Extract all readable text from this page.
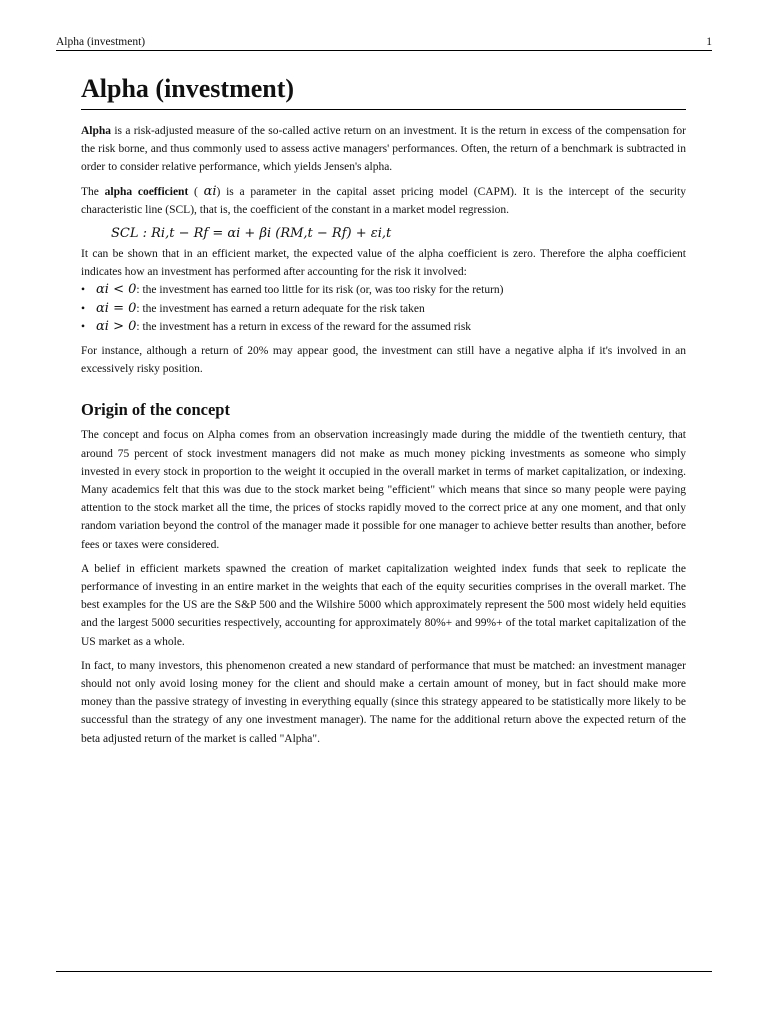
Alpha (investment)	1
Alpha (investment)

Alpha is a risk-adjusted measure of the so-called active return on an investment. It is the return in excess of the compensation for the risk borne, and thus commonly used to assess active managers' performances. Often, the return of a benchmark is subtracted in order to consider relative performance, which yields Jensen's alpha.

The alpha coefficient ( αi) is a parameter in the capital asset pricing model (CAPM). It is the intercept of the security characteristic line (SCL), that is, the coefficient of the constant in a market model regression.

SCL : Ri,t − Rf = αi + βi (RM,t − Rf) + εi,t

It can be shown that in an efficient market, the expected value of the alpha coefficient is zero. Therefore the alpha coefficient indicates how an investment has performed after accounting for the risk it involved:

• αi < 0: the investment has earned too little for its risk (or, was too risky for the return)
• αi = 0: the investment has earned a return adequate for the risk taken
• αi > 0: the investment has a return in excess of the reward for the assumed risk

For instance, although a return of 20% may appear good, the investment can still have a negative alpha if it's involved in an excessively risky position.

Origin of the concept

The concept and focus on Alpha comes from an observation increasingly made during the middle of the twentieth century, that around 75 percent of stock investment managers did not make as much money picking investments as someone who simply invested in every stock in proportion to the weight it occupied in the overall market in terms of market capitalization, or indexing. Many academics felt that this was due to the stock market being "efficient" which means that since so many people were paying attention to the stock market all the time, the prices of stocks rapidly moved to the correct price at any one moment, and that only random variation beyond the control of the manager made it possible for one manager to achieve better results than another, before fees or taxes were considered.

A belief in efficient markets spawned the creation of market capitalization weighted index funds that seek to replicate the performance of investing in an entire market in the weights that each of the equity securities comprises in the overall market. The best examples for the US are the S&P 500 and the Wilshire 5000 which approximately represent the 500 most widely held equities and the largest 5000 securities respectively, accounting for approximately 80%+ and 99%+ of the total market capitalization of the US market as a whole.

In fact, to many investors, this phenomenon created a new standard of performance that must be matched: an investment manager should not only avoid losing money for the client and should make a certain amount of money, but in fact should make more money than the passive strategy of investing in everything equally (since this strategy appeared to be statistically more likely to be successful than the strategy of any one investment manager). The name for the additional return above the expected return of the beta adjusted return of the market is called "Alpha".
